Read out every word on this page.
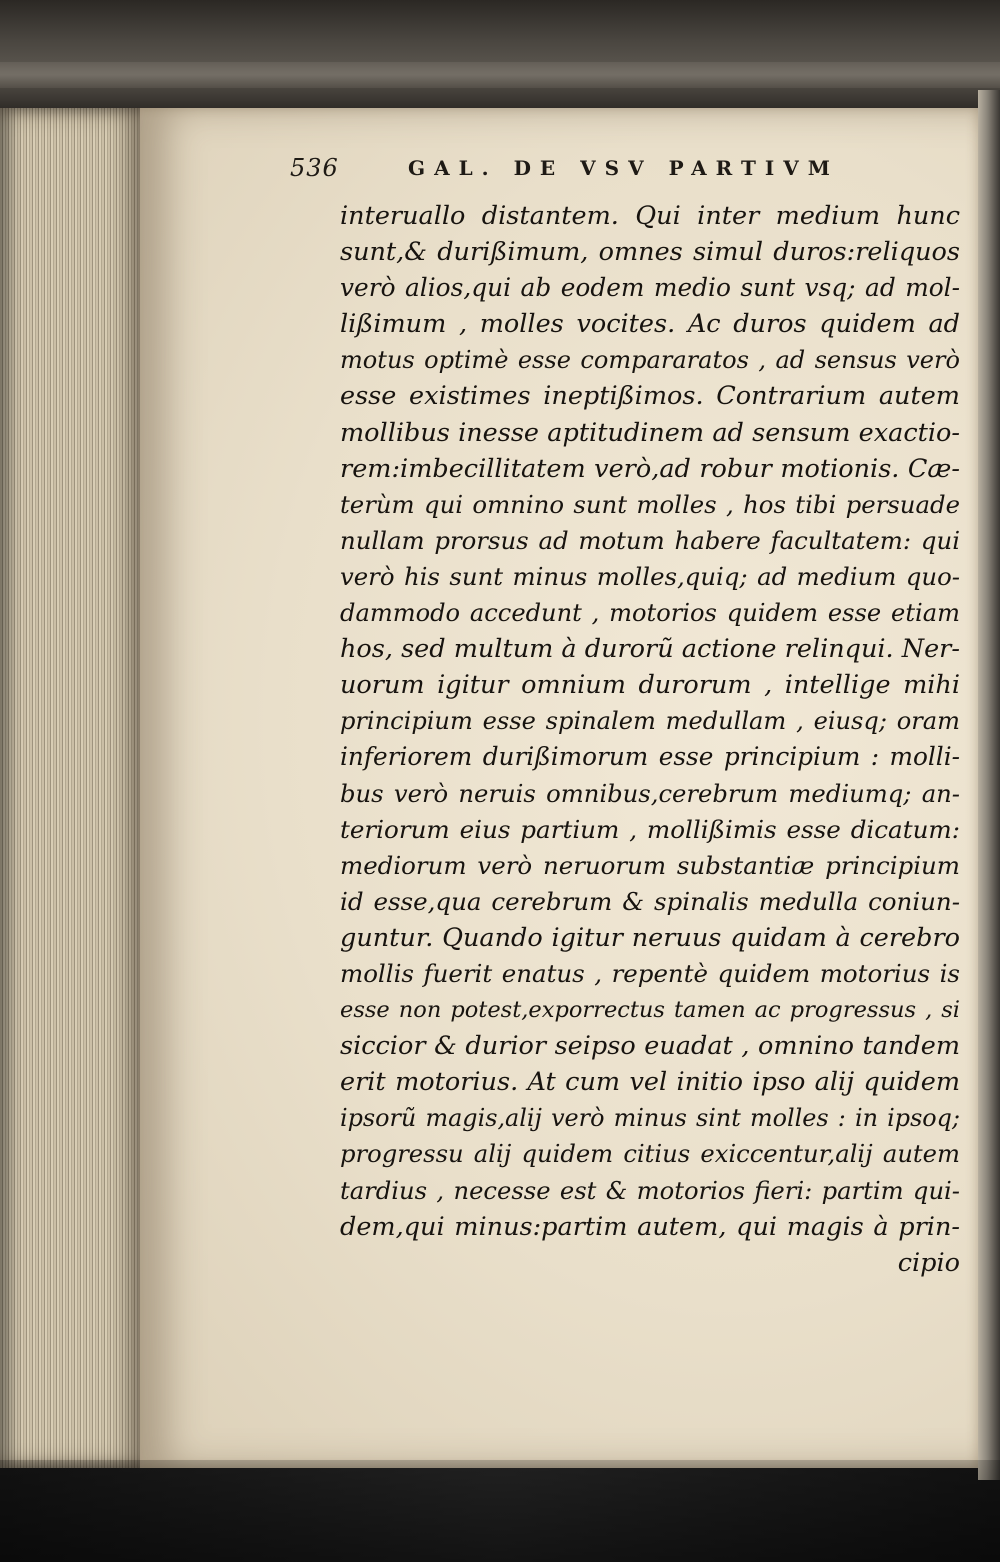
536	GAL. DE VSV PARTIVM
interuallo distantem. Qui inter medium hunc
sunt,& durißimum, omnes simul duros:reliquos
verò alios,qui ab eodem medio sunt vsq; ad mol-
lißimum , molles vocites. Ac duros quidem ad
motus optimè esse compararatos , ad sensus verò
esse existimes ineptißimos. Contrarium autem
mollibus inesse aptitudinem ad sensum exactio-
rem:imbecillitatem verò,ad robur motionis. Cæ-
terùm qui omnino sunt molles , hos tibi persuade
nullam prorsus ad motum habere facultatem: qui
verò his sunt minus molles,quiq; ad medium quo-
dammodo accedunt , motorios quidem esse etiam
hos, sed multum à durorũ actione relinqui. Ner-
uorum igitur omnium durorum , intellige mihi
principium esse spinalem medullam , eiusq; oram
inferiorem durißimorum esse principium : molli-
bus verò neruis omnibus,cerebrum mediumq; an-
teriorum eius partium , mollißimis esse dicatum:
mediorum verò neruorum substantiæ principium
id esse,qua cerebrum & spinalis medulla coniun-
guntur. Quando igitur neruus quidam à cerebro
mollis fuerit enatus , repentè quidem motorius is
esse non potest,exporrectus tamen ac progressus , si
siccior & durior seipso euadat , omnino tandem
erit motorius. At cum vel initio ipso alij quidem
ipsorũ magis,alij verò minus sint molles : in ipsoq;
progressu alij quidem citius exiccentur,alij autem
tardius , necesse est & motorios fieri: partim qui-
dem,qui minus:partim autem, qui magis à prin-
cipio
